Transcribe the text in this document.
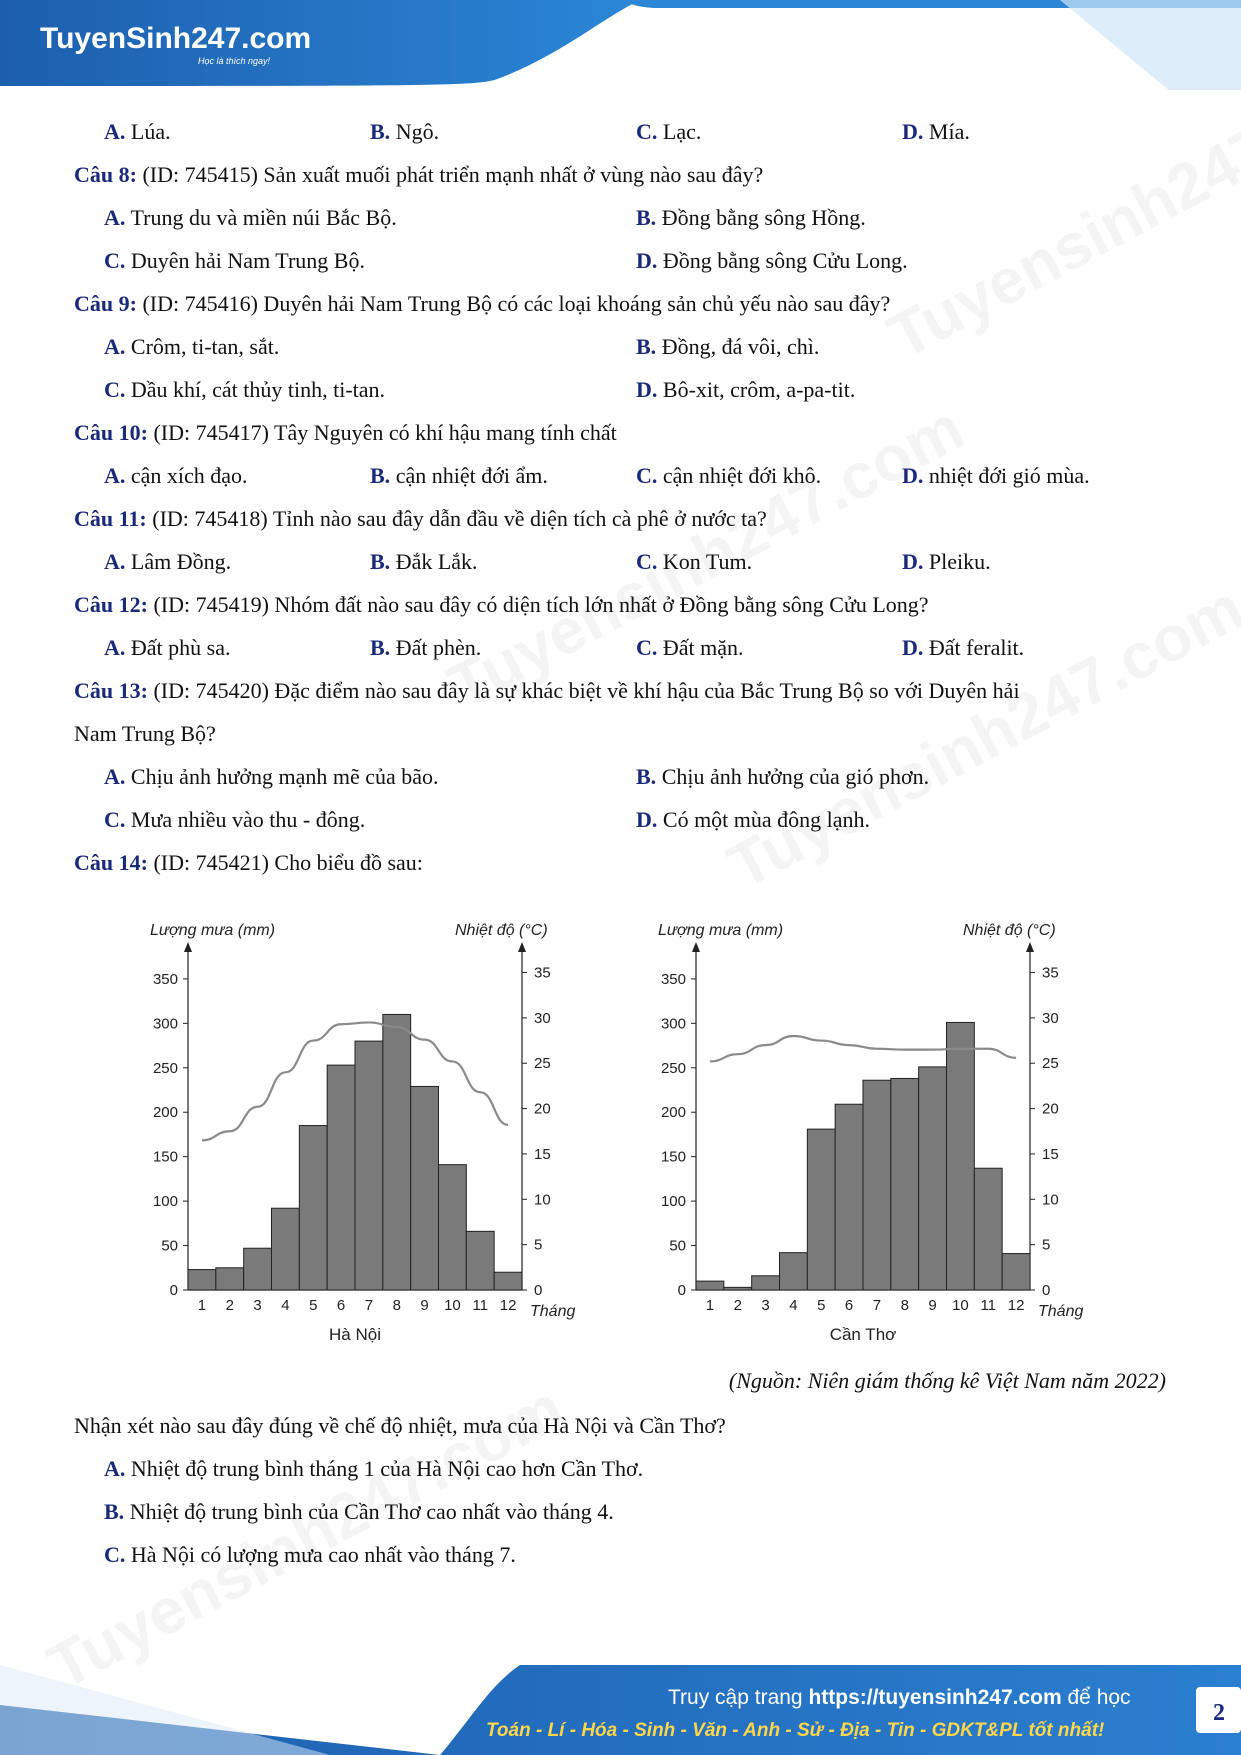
TuyenSinh247.com
Học là thích ngay!
A. Lúa.	B. Ngô.	C. Lạc.	D. Mía.
Câu 8: (ID: 745415) Sản xuất muối phát triển mạnh nhất ở vùng nào sau đây?
A. Trung du và miền núi Bắc Bộ.	B. Đồng bằng sông Hồng.
C. Duyên hải Nam Trung Bộ.	D. Đồng bằng sông Cửu Long.
Câu 9: (ID: 745416) Duyên hải Nam Trung Bộ có các loại khoáng sản chủ yếu nào sau đây?
A. Crôm, ti-tan, sắt.	B. Đồng, đá vôi, chì.
C. Dầu khí, cát thủy tinh, ti-tan.	D. Bô-xit, crôm, a-pa-tit.
Câu 10: (ID: 745417) Tây Nguyên có khí hậu mang tính chất
A. cận xích đạo.	B. cận nhiệt đới ẩm.	C. cận nhiệt đới khô.	D. nhiệt đới gió mùa.
Câu 11: (ID: 745418) Tỉnh nào sau đây dẫn đầu về diện tích cà phê ở nước ta?
A. Lâm Đồng.	B. Đắk Lắk.	C. Kon Tum.	D. Pleiku.
Câu 12: (ID: 745419) Nhóm đất nào sau đây có diện tích lớn nhất ở Đồng bằng sông Cửu Long?
A. Đất phù sa.	B. Đất phèn.	C. Đất mặn.	D. Đất feralit.
Câu 13: (ID: 745420) Đặc điểm nào sau đây là sự khác biệt về khí hậu của Bắc Trung Bộ so với Duyên hải
Nam Trung Bộ?
A. Chịu ảnh hưởng mạnh mẽ của bão.	B. Chịu ảnh hưởng của gió phơn.
C. Mưa nhiều vào thu - đông.	D. Có một mùa đông lạnh.
Câu 14: (ID: 745421) Cho biểu đồ sau:
Lượng mưa (mm)	Nhiệt độ (°C)
0
50
100
150
200
250
300
350
0
5
10
15
20
25
30
35
1 2 3 4 5 6 7 8 9 10 11 12 Tháng
Hà Nội
Lượng mưa (mm)	Nhiệt độ (°C)
0
50
100
150
200
250
300
350
0
5
10
15
20
25
30
35
1 2 3 4 5 6 7 8 9 10 11 12 Tháng
Cần Thơ
(Nguồn: Niên giám thống kê Việt Nam năm 2022)
Nhận xét nào sau đây đúng về chế độ nhiệt, mưa của Hà Nội và Cần Thơ?
A. Nhiệt độ trung bình tháng 1 của Hà Nội cao hơn Cần Thơ.
B. Nhiệt độ trung bình của Cần Thơ cao nhất vào tháng 4.
C. Hà Nội có lượng mưa cao nhất vào tháng 7.
Truy cập trang https://tuyensinh247.com để học
Toán - Lí - Hóa - Sinh - Văn - Anh - Sử - Địa - Tin - GDKT&PL tốt nhất!
2
